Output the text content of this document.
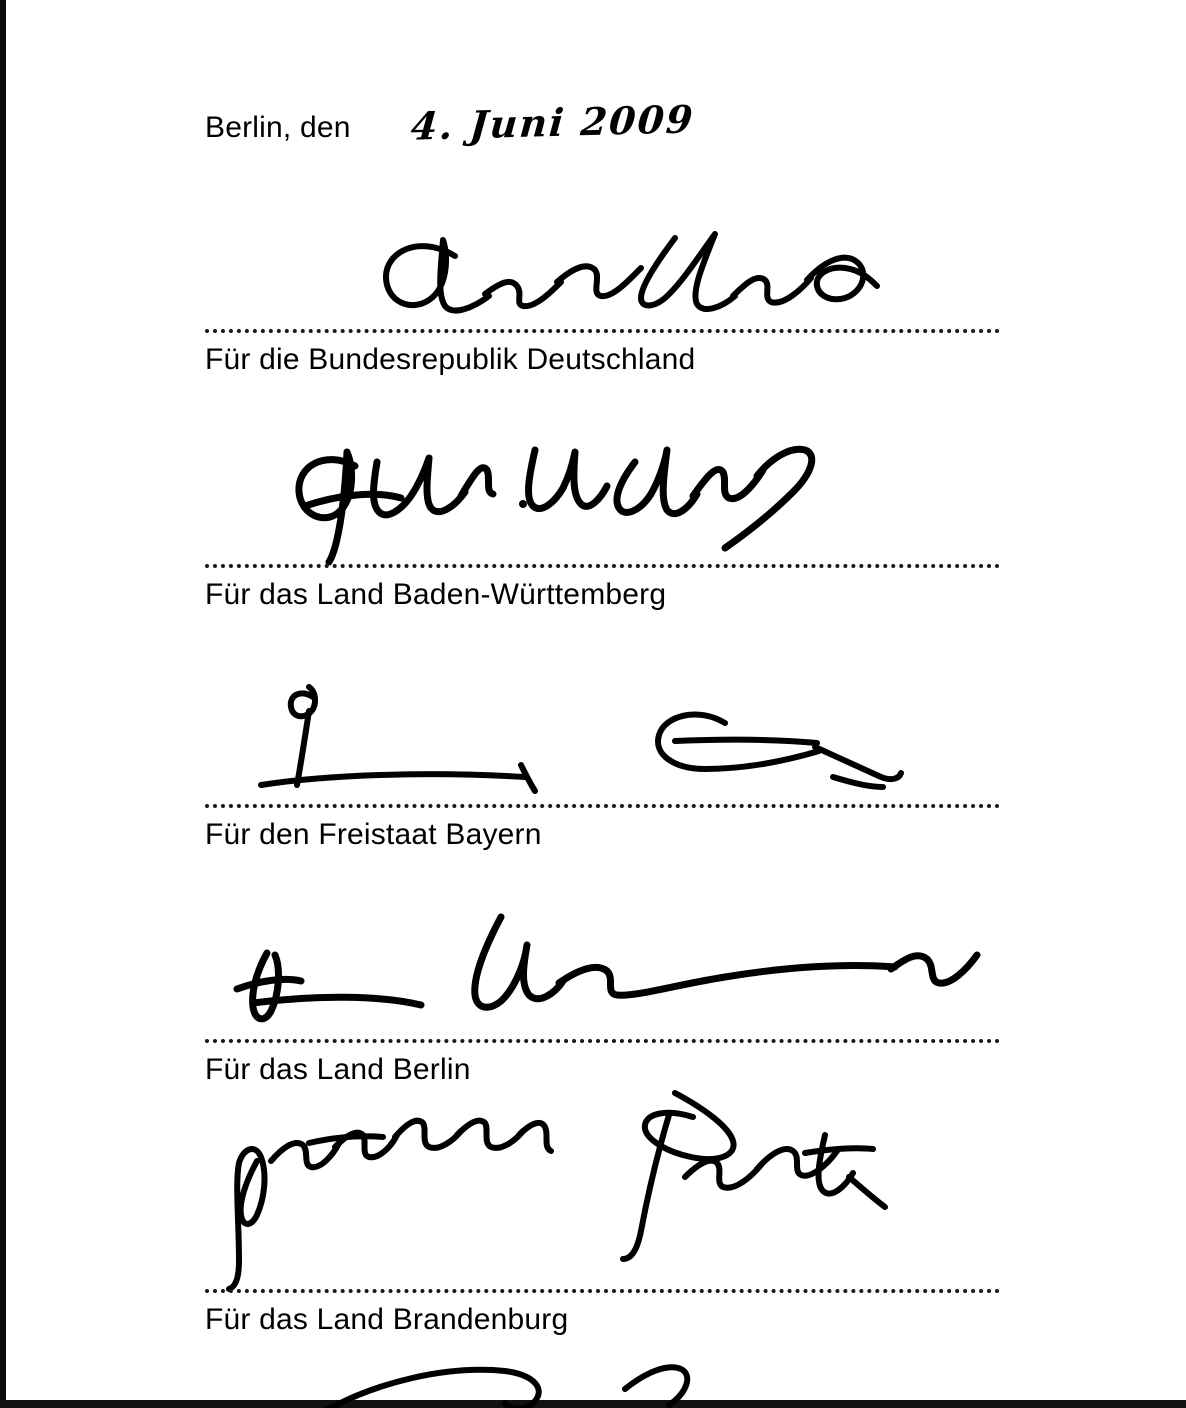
Berlin, den 4. Juni 2009
Für die Bundesrepublik Deutschland
Für das Land Baden-Württemberg
Für den Freistaat Bayern
Für das Land Berlin
Für das Land Brandenburg
